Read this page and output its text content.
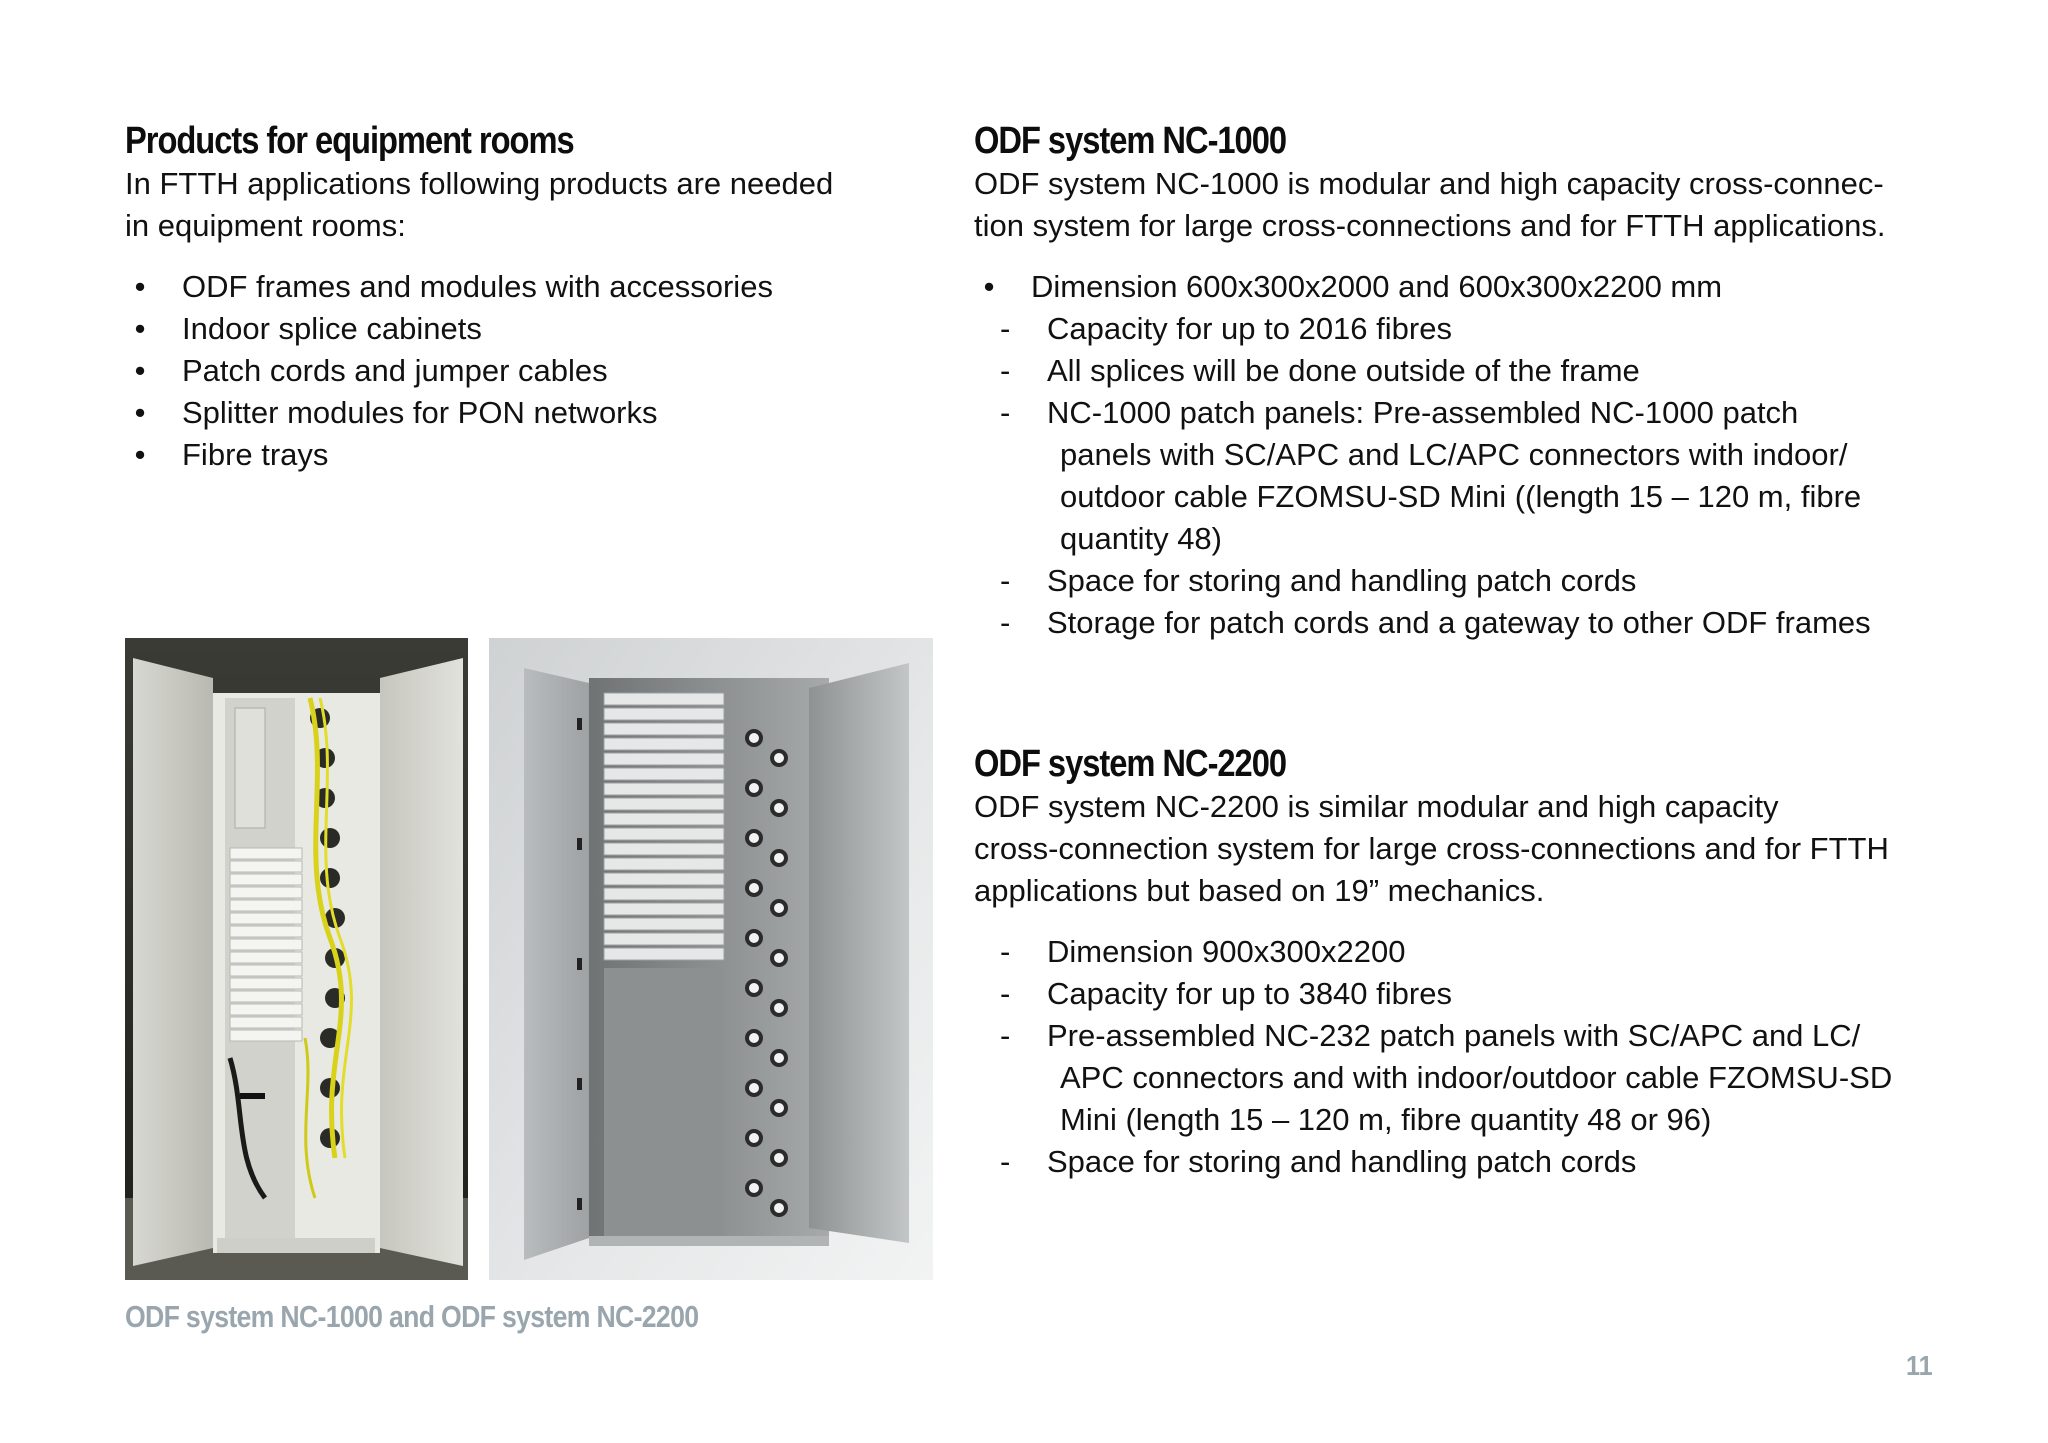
Products for equipment rooms

In FTTH applications following products are needed
in equipment rooms:

•	ODF frames and modules with accessories
•	Indoor splice cabinets
•	Patch cords and jumper cables
•	Splitter modules for PON networks
•	Fibre trays

ODF system NC-1000 and ODF system NC-2200

ODF system NC-1000

ODF system NC-1000 is modular and high capacity cross-connec-
tion system for large cross-connections and for FTTH applications.

•	Dimension 600x300x2000 and 600x300x2200 mm
-	Capacity for up to 2016 fibres
-	All splices will be done outside of the frame
-	NC-1000 patch panels: Pre-assembled NC-1000 patch
panels with SC/APC and LC/APC connectors with indoor/
outdoor cable FZOMSU-SD Mini ((length 15 – 120 m, fibre
quantity 48)
-	Space for storing and handling patch cords
-	Storage for patch cords and a gateway to other ODF frames
ODF system NC-2200

ODF system NC-2200 is similar modular and high capacity
cross-connection system for large cross-connections and for FTTH
applications but based on 19” mechanics.

-	Dimension 900x300x2200
-	Capacity for up to 3840 fibres
-	Pre-assembled NC-232 patch panels with SC/APC and LC/
APC connectors and with indoor/outdoor cable FZOMSU-SD
Mini (length 15 – 120 m, fibre quantity 48 or 96)
-	Space for storing and handling patch cords

11
